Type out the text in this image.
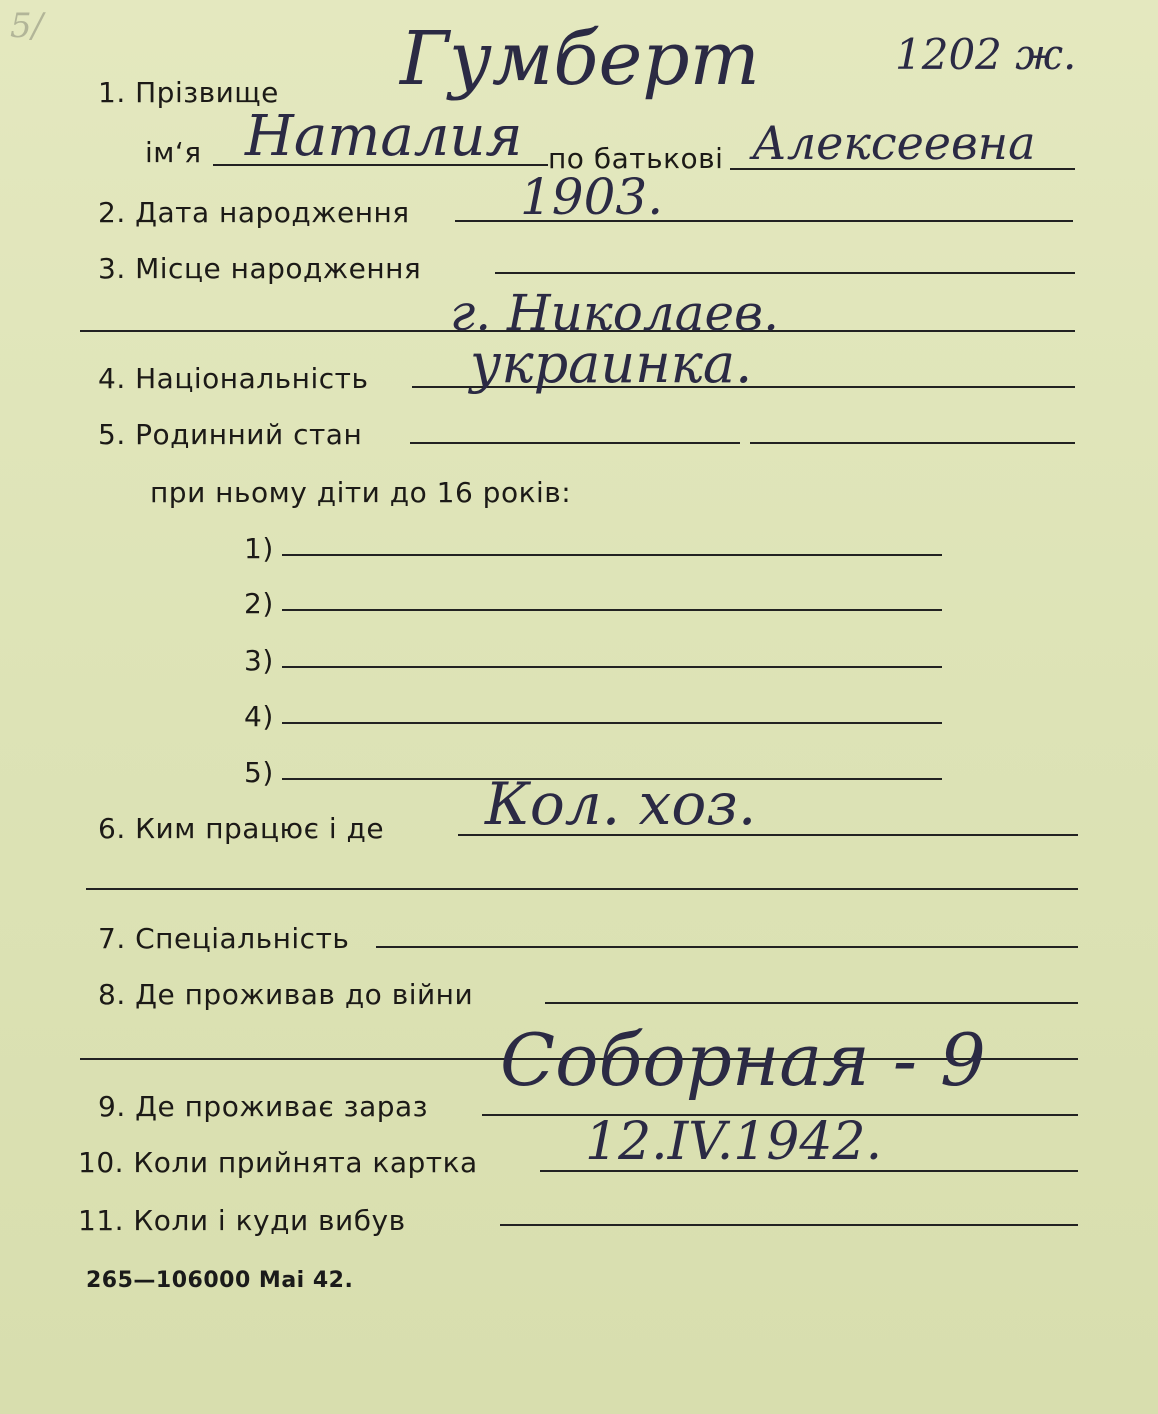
5/
1. Прізвище Гумберт	1202 ж.
ім‘я Наталия по батькові Алексеевна
2. Дата народження 1903.
3. Місце народження
г. Николаев.
4. Національність украинка.
5. Родинний стан
при ньому діти до 16 років:
1)
2)
3)
4)
5)
6. Ким працює і де Кол. хоз.
7. Спеціальність
8. Де проживав до війни
9. Де проживає зараз
Соборная - 9
10. Коли прийнята картка 12.IV.1942.
11. Коли і куди вибув
265—106000 Mai 42.
